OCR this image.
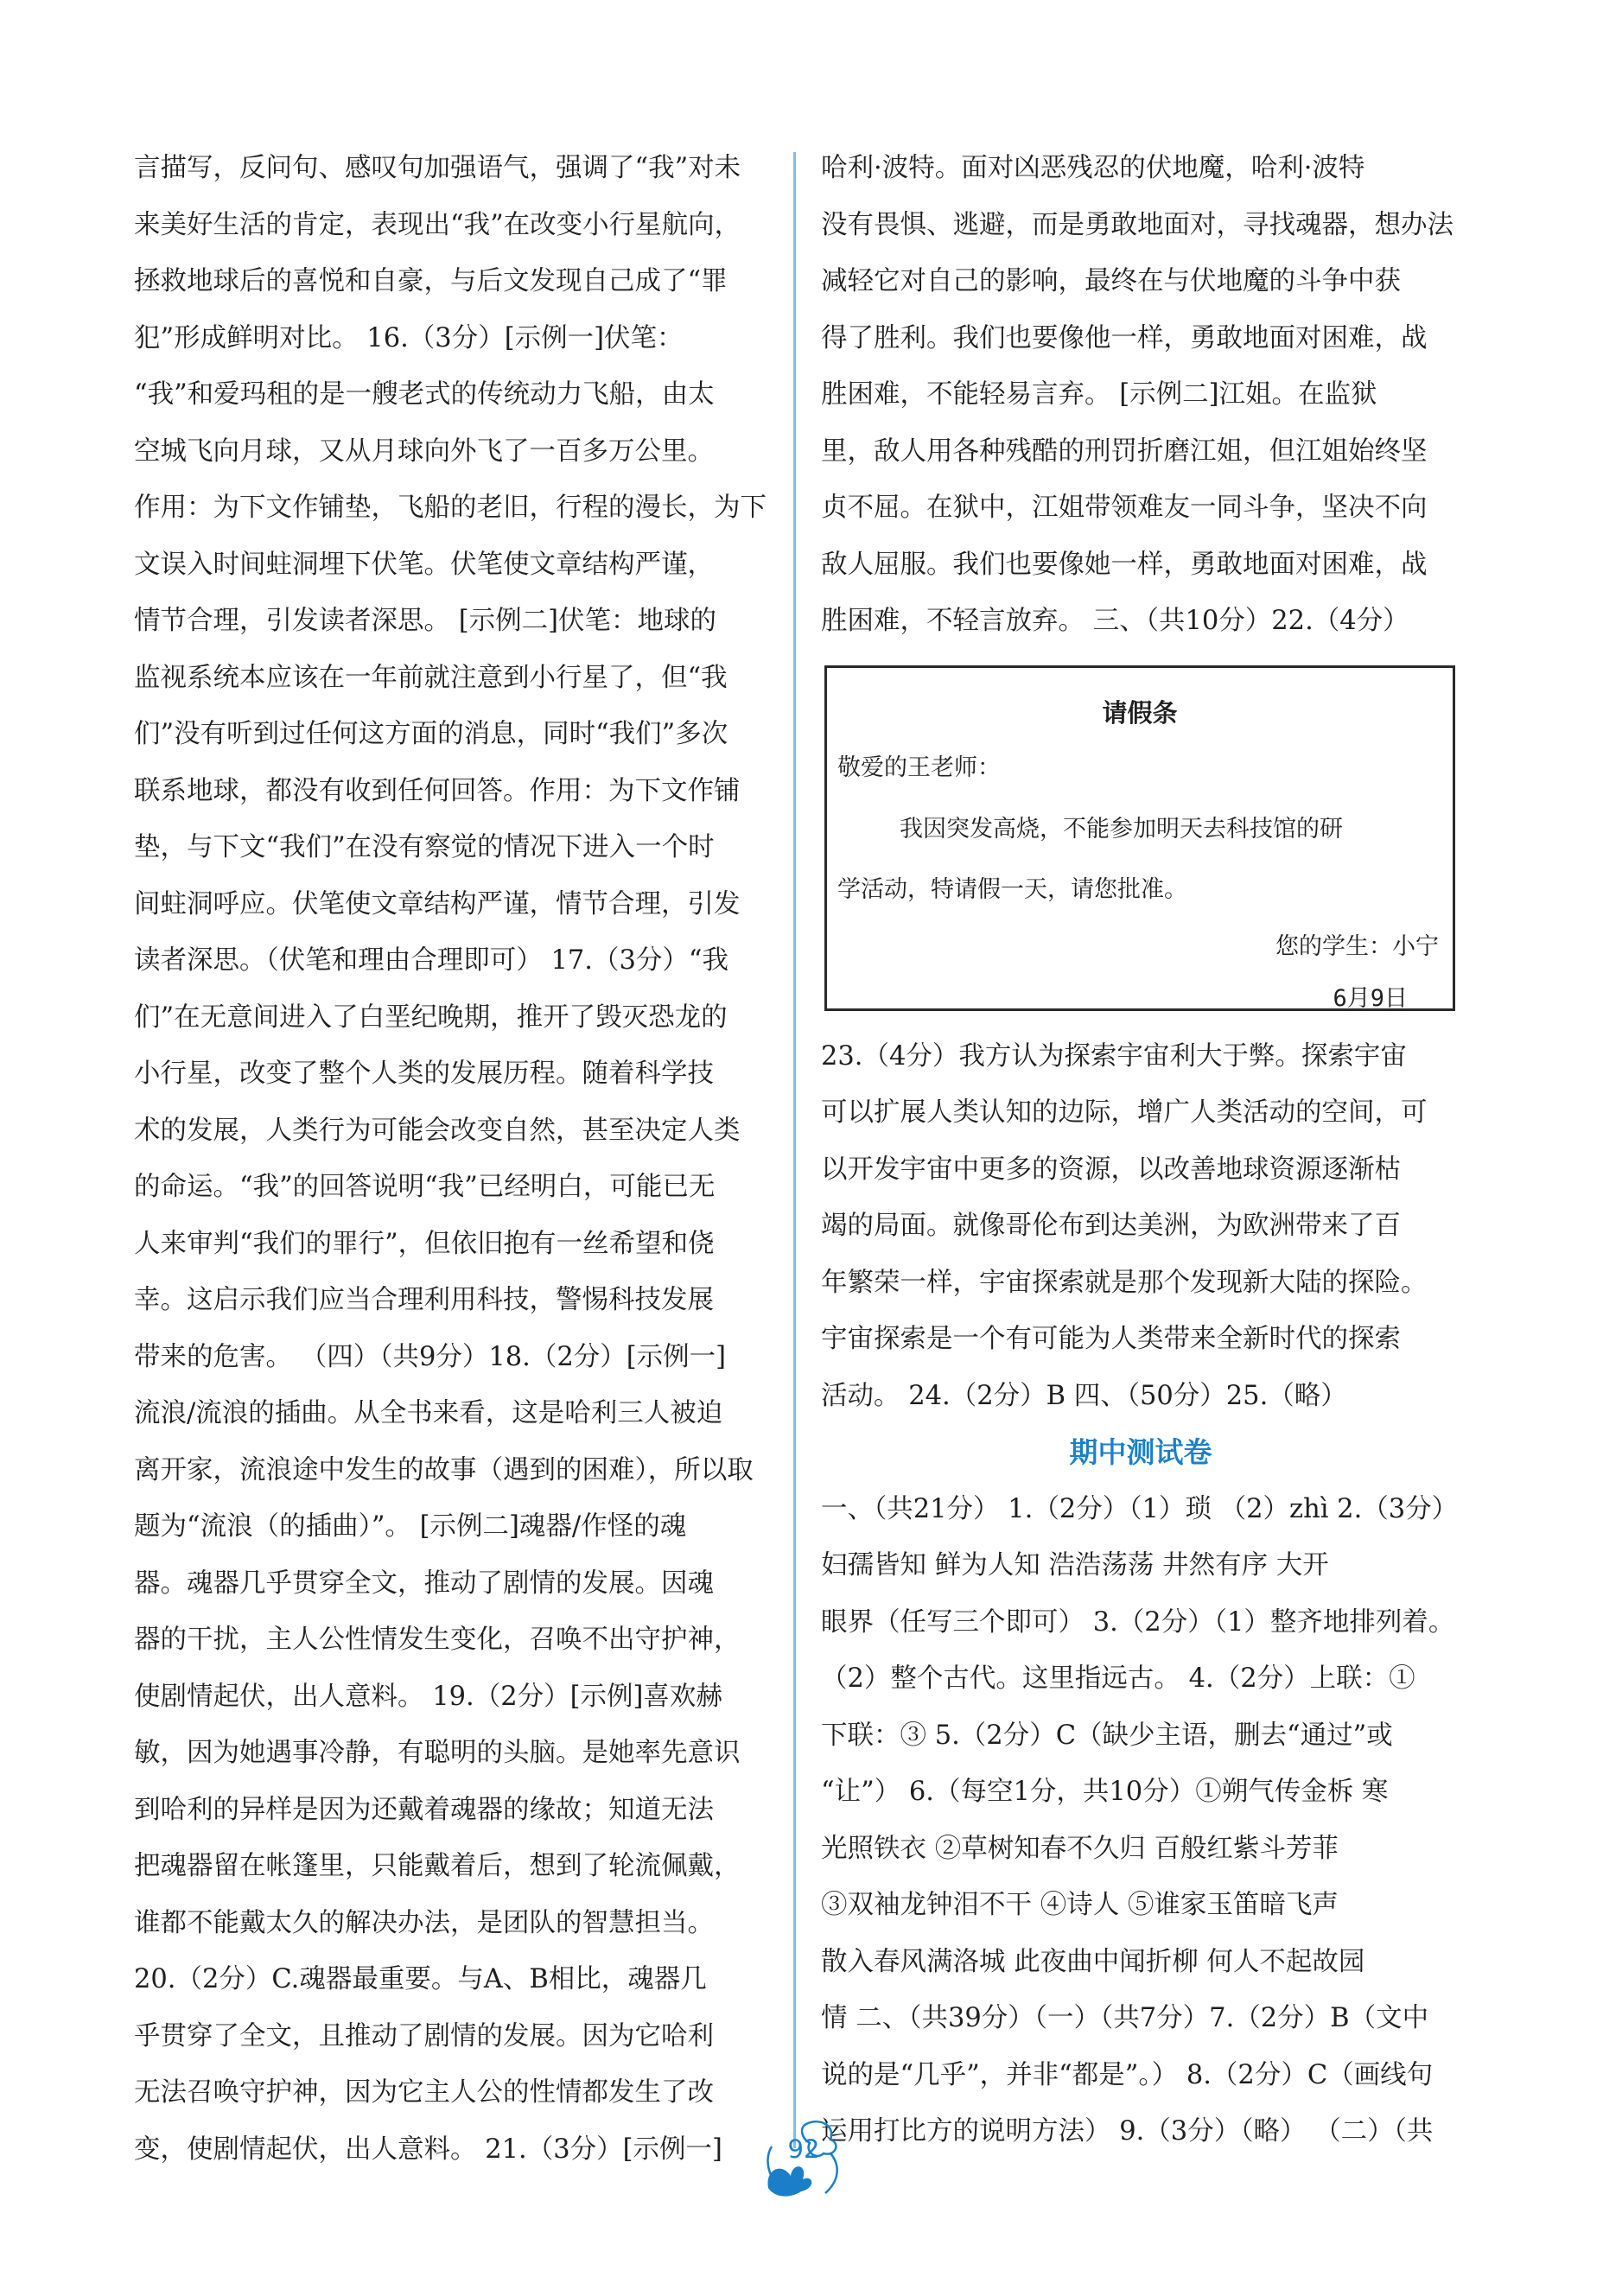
言描写，反问句、感叹句加强语气，强调了“我”对未
来美好生活的肯定，表现出“我”在改变小行星航向，
拯救地球后的喜悦和自豪，与后文发现自己成了“罪
犯”形成鲜明对比。 16.（3分）[示例一]伏笔：
“我”和爱玛租的是一艘老式的传统动力飞船，由太
空城飞向月球，又从月球向外飞了一百多万公里。
作用：为下文作铺垫，飞船的老旧，行程的漫长，为下
文误入时间蛀洞埋下伏笔。伏笔使文章结构严谨，
情节合理，引发读者深思。 [示例二]伏笔：地球的
监视系统本应该在一年前就注意到小行星了，但“我
们”没有听到过任何这方面的消息，同时“我们”多次
联系地球，都没有收到任何回答。作用：为下文作铺
垫，与下文“我们”在没有察觉的情况下进入一个时
间蛀洞呼应。伏笔使文章结构严谨，情节合理，引发
读者深思。（伏笔和理由合理即可） 17.（3分）“我
们”在无意间进入了白垩纪晚期，推开了毁灭恐龙的
小行星，改变了整个人类的发展历程。随着科学技
术的发展，人类行为可能会改变自然，甚至决定人类
的命运。“我”的回答说明“我”已经明白，可能已无
人来审判“我们的罪行”，但依旧抱有一丝希望和侥
幸。这启示我们应当合理利用科技，警惕科技发展
带来的危害。 （四）（共9分）18.（2分）[示例一]
流浪/流浪的插曲。从全书来看，这是哈利三人被迫
离开家，流浪途中发生的故事（遇到的困难），所以取
题为“流浪（的插曲）”。 [示例二]魂器/作怪的魂
器。魂器几乎贯穿全文，推动了剧情的发展。因魂
器的干扰，主人公性情发生变化，召唤不出守护神，
使剧情起伏，出人意料。 19.（2分）[示例]喜欢赫
敏，因为她遇事冷静，有聪明的头脑。是她率先意识
到哈利的异样是因为还戴着魂器的缘故；知道无法
把魂器留在帐篷里，只能戴着后，想到了轮流佩戴，
谁都不能戴太久的解决办法，是团队的智慧担当。
20.（2分）C.魂器最重要。与A、B相比，魂器几
乎贯穿了全文，且推动了剧情的发展。因为它哈利
无法召唤守护神，因为它主人公的性情都发生了改
变，使剧情起伏，出人意料。 21.（3分）[示例一]
哈利·波特。面对凶恶残忍的伏地魔，哈利·波特
没有畏惧、逃避，而是勇敢地面对，寻找魂器，想办法
减轻它对自己的影响，最终在与伏地魔的斗争中获
得了胜利。我们也要像他一样，勇敢地面对困难，战
胜困难，不能轻易言弃。 [示例二]江姐。在监狱
里，敌人用各种残酷的刑罚折磨江姐，但江姐始终坚
贞不屈。在狱中，江姐带领难友一同斗争，坚决不向
敌人屈服。我们也要像她一样，勇敢地面对困难，战
胜困难，不轻言放弃。 三、（共10分）22.（4分）
请假条
敬爱的王老师：
我因突发高烧，不能参加明天去科技馆的研
学活动，特请假一天，请您批准。
您的学生：小宁
6月9日
23.（4分）我方认为探索宇宙利大于弊。探索宇宙
可以扩展人类认知的边际，增广人类活动的空间，可
以开发宇宙中更多的资源，以改善地球资源逐渐枯
竭的局面。就像哥伦布到达美洲，为欧洲带来了百
年繁荣一样，宇宙探索就是那个发现新大陆的探险。
宇宙探索是一个有可能为人类带来全新时代的探索
活动。 24.（2分）B 四、（50分）25.（略）
期中测试卷
一、（共21分） 1.（2分）（1）琐 （2）zhì 2.（3分）
妇孺皆知 鲜为人知 浩浩荡荡 井然有序 大开
眼界（任写三个即可） 3.（2分）（1）整齐地排列着。
（2）整个古代。这里指远古。 4.（2分）上联：①
下联：③ 5.（2分）C（缺少主语，删去“通过”或
“让”） 6.（每空1分，共10分）①朔气传金柝 寒
光照铁衣 ②草树知春不久归 百般红紫斗芳菲
③双袖龙钟泪不干 ④诗人 ⑤谁家玉笛暗飞声
散入春风满洛城 此夜曲中闻折柳 何人不起故园
情 二、（共39分）（一）（共7分）7.（2分）B（文中
说的是“几乎”，并非“都是”。） 8.（2分）C（画线句
运用打比方的说明方法） 9.（3分）（略） （二）（共
92
